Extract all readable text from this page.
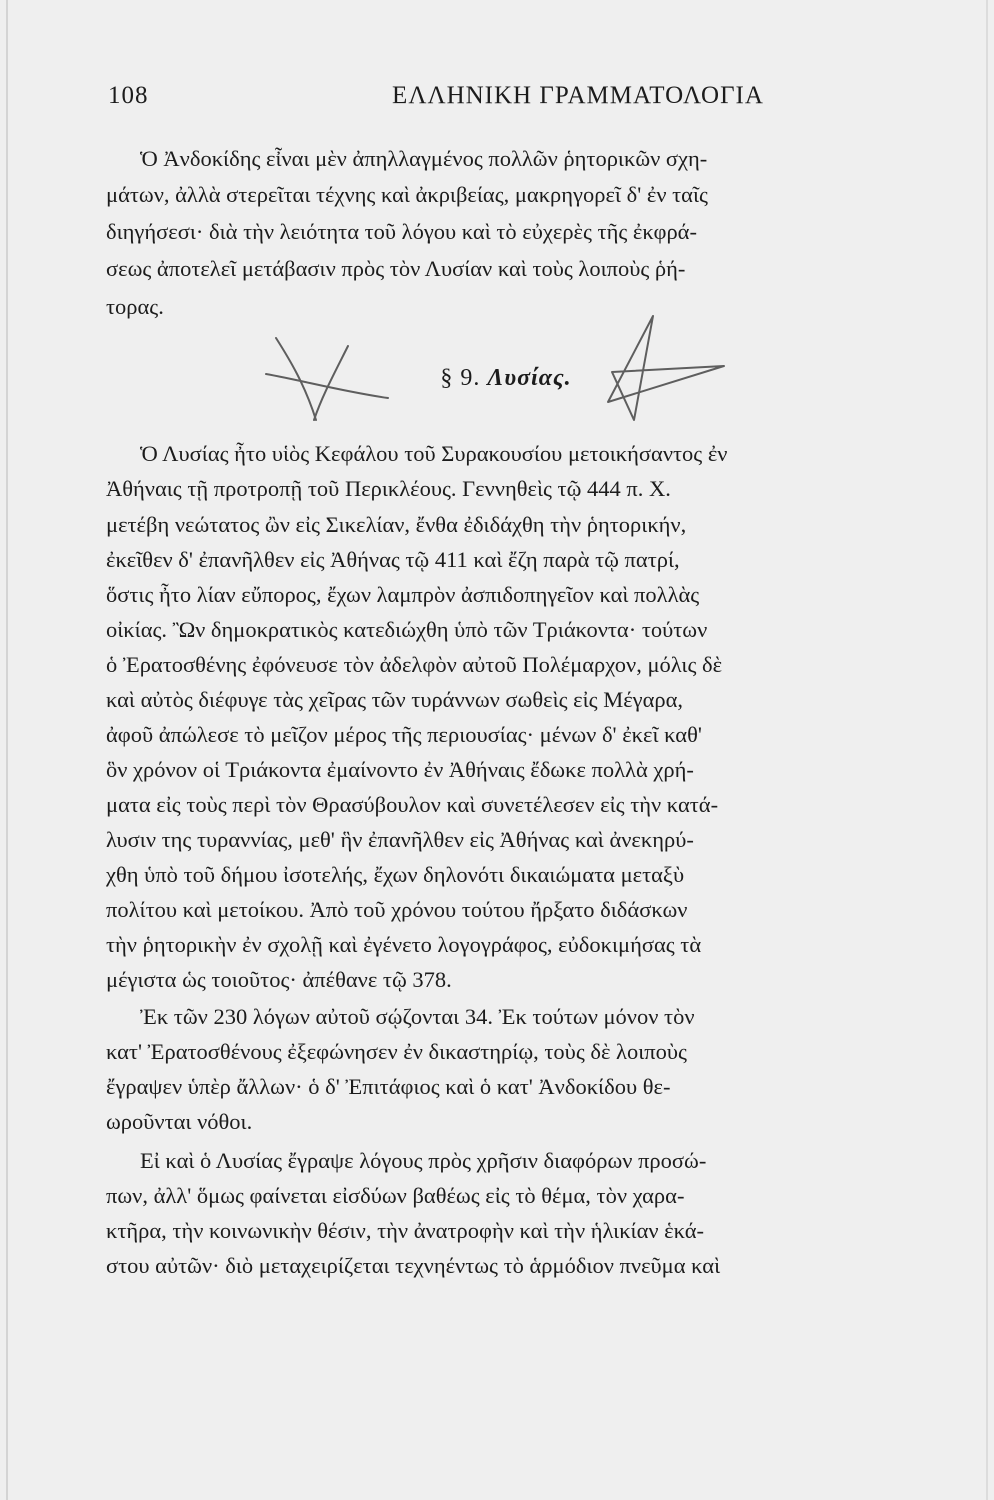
108	ΕΛΛΗΝΙΚΗ ΓΡΑΜΜΑΤΟΛΟΓΙΑ
Ὁ Ἀνδοκίδης εἶναι μὲν ἀπηλλαγμένος πολλῶν ῥητορικῶν σχη-
μάτων, ἀλλὰ στερεῖται τέχνης καὶ ἀκριβείας, μακρηγορεῖ δ' ἐν ταῖς
διηγήσεσι· διὰ τὴν λειότητα τοῦ λόγου καὶ τὸ εὐχερὲς τῆς ἐκφρά-
σεως ἀποτελεῖ μετάβασιν πρὸς τὸν Λυσίαν καὶ τοὺς λοιποὺς ῥή-
τορας.
§ 9. Λυσίας.
Ὁ Λυσίας ἦτο υἱὸς Κεφάλου τοῦ Συρακουσίου μετοικήσαντος ἐν
Ἀθήναις τῇ προτροπῇ τοῦ Περικλέους. Γεννηθεὶς τῷ 444 π. Χ.
μετέβη νεώτατος ὢν εἰς Σικελίαν, ἔνθα ἐδιδάχθη τὴν ῥητορικήν,
ἐκεῖθεν δ' ἐπανῆλθεν εἰς Ἀθήνας τῷ 411 καὶ ἔζη παρὰ τῷ πατρί,
ὅστις ἦτο λίαν εὔπορος, ἔχων λαμπρὸν ἀσπιδοπηγεῖον καὶ πολλὰς
οἰκίας. Ὢν δημοκρατικὸς κατεδιώχθη ὑπὸ τῶν Τριάκοντα· τούτων
ὁ Ἐρατοσθένης ἐφόνευσε τὸν ἀδελφὸν αὐτοῦ Πολέμαρχον, μόλις δὲ
καὶ αὐτὸς διέφυγε τὰς χεῖρας τῶν τυράννων σωθεὶς εἰς Μέγαρα,
ἀφοῦ ἀπώλεσε τὸ μεῖζον μέρος τῆς περιουσίας· μένων δ' ἐκεῖ καθ'
ὃν χρόνον οἱ Τριάκοντα ἐμαίνοντο ἐν Ἀθήναις ἔδωκε πολλὰ χρή-
ματα εἰς τοὺς περὶ τὸν Θρασύβουλον καὶ συνετέλεσεν εἰς τὴν κατά-
λυσιν της τυραννίας, μεθ' ἣν ἐπανῆλθεν εἰς Ἀθήνας καὶ ἀνεκηρύ-
χθη ὑπὸ τοῦ δήμου ἰσοτελής, ἔχων δηλονότι δικαιώματα μεταξὺ
πολίτου καὶ μετοίκου. Ἀπὸ τοῦ χρόνου τούτου ἤρξατο διδάσκων
τὴν ῥητορικὴν ἐν σχολῇ καὶ ἐγένετο λογογράφος, εὐδοκιμήσας τὰ
μέγιστα ὡς τοιοῦτος· ἀπέθανε τῷ 378.
Ἐκ τῶν 230 λόγων αὐτοῦ σῴζονται 34. Ἐκ τούτων μόνον τὸν
κατ' Ἐρατοσθένους ἐξεφώνησεν ἐν δικαστηρίῳ, τοὺς δὲ λοιποὺς
ἔγραψεν ὑπὲρ ἄλλων· ὁ δ' Ἐπιτάφιος καὶ ὁ κατ' Ἀνδοκίδου θε-
ωροῦνται νόθοι.
Εἰ καὶ ὁ Λυσίας ἔγραψε λόγους πρὸς χρῆσιν διαφόρων προσώ-
πων, ἀλλ' ὅμως φαίνεται εἰσδύων βαθέως εἰς τὸ θέμα, τὸν χαρα-
κτῆρα, τὴν κοινωνικὴν θέσιν, τὴν ἀνατροφὴν καὶ τὴν ἡλικίαν ἑκά-
στου αὐτῶν· διὸ μεταχειρίζεται τεχνηέντως τὸ ἁρμόδιον πνεῦμα καὶ
